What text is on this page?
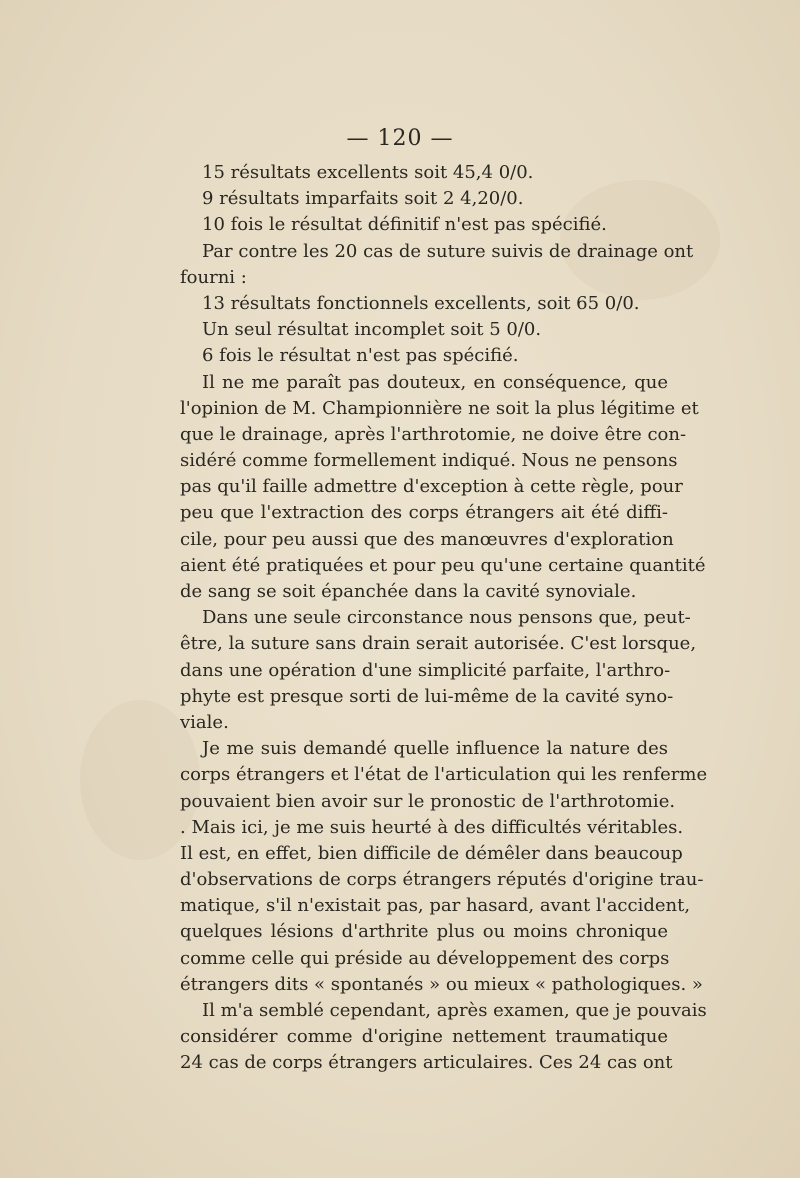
— 120 —
15 résultats excellents soit 45,4 0/0.
9 résultats imparfaits soit 2 4,20/0.
10 fois le résultat définitif n'est pas spécifié.
Par contre les 20 cas de suture suivis de drainage ont
fourni :
13 résultats fonctionnels excellents, soit 65 0/0.
Un seul résultat incomplet soit 5 0/0.
6 fois le résultat n'est pas spécifié.
Il ne me paraît pas douteux, en conséquence, que
l'opinion de M. Championnière ne soit la plus légitime et
que le drainage, après l'arthrotomie, ne doive être con-
sidéré comme formellement indiqué. Nous ne pensons
pas qu'il faille admettre d'exception à cette règle, pour
peu que l'extraction des corps étrangers ait été diffi-
cile, pour peu aussi que des manœuvres d'exploration
aient été pratiquées et pour peu qu'une certaine quantité
de sang se soit épanchée dans la cavité synoviale.
Dans une seule circonstance nous pensons que, peut-
être, la suture sans drain serait autorisée. C'est lorsque,
dans une opération d'une simplicité parfaite, l'arthro-
phyte est presque sorti de lui-même de la cavité syno-
viale.
Je me suis demandé quelle influence la nature des
corps étrangers et l'état de l'articulation qui les renferme
pouvaient bien avoir sur le pronostic de l'arthrotomie.
. Mais ici, je me suis heurté à des difficultés véritables.
Il est, en effet, bien difficile de démêler dans beaucoup
d'observations de corps étrangers réputés d'origine trau-
matique, s'il n'existait pas, par hasard, avant l'accident,
quelques lésions d'arthrite plus ou moins chronique
comme celle qui préside au développement des corps
étrangers dits « spontanés » ou mieux « pathologiques. »
Il m'a semblé cependant, après examen, que je pouvais
considérer comme d'origine nettement traumatique
24 cas de corps étrangers articulaires. Ces 24 cas ont
